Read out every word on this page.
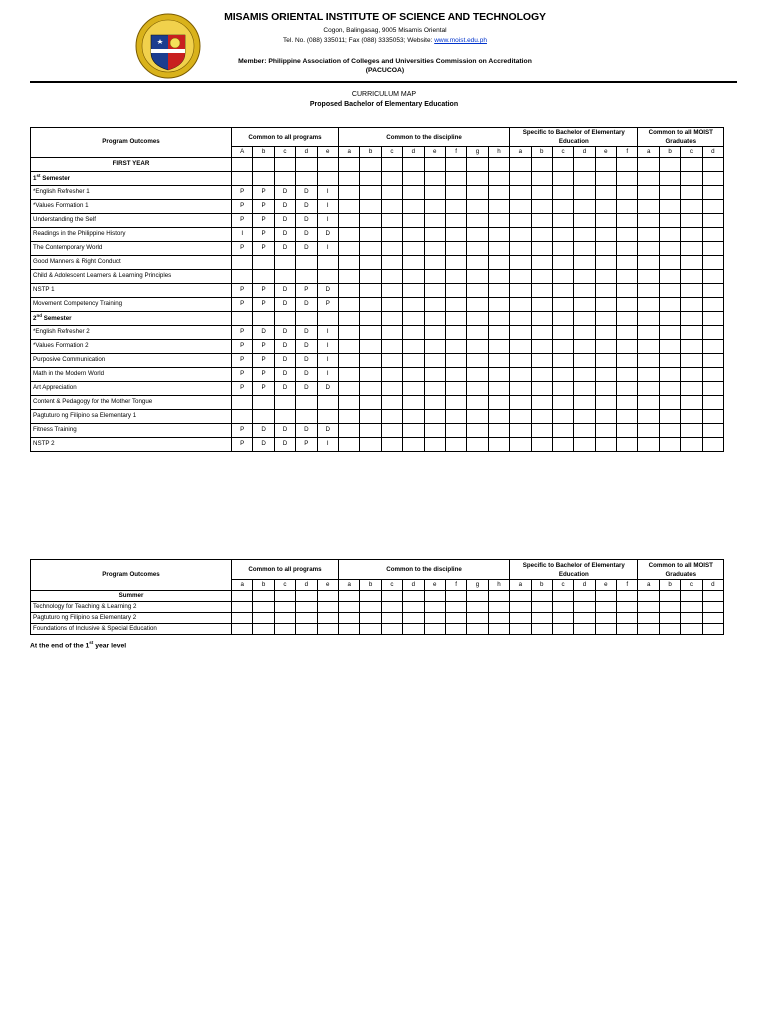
MISAMIS ORIENTAL INSTITUTE OF SCIENCE AND TECHNOLOGY
Cogon, Balingasag, 9005 Misamis Oriental
Tel. No. (088) 335011; Fax (088) 3335053; Website: www.moist.edu.ph
Member: Philippine Association of Colleges and Universities Commission on Accreditation
(PACUCOA)
CURRICULUM MAP
Proposed Bachelor of Elementary Education
Program Outcomes	Common to all programs					Common to the discipline								Specific to Bachelor of Elementary Education						Common to all MOIST Graduates			
	A	b	c	d	e	a	b	c	d	e	f	g	h	a	b	c	d	e	f	a	b	c	d
FIRST YEAR																							
1st Semester																							
*English Refresher 1	P	P	D	D	I																		
*Values Formation 1	P	P	D	D	I																		
Understanding the Self	P	P	D	D	I																		
Readings in the Philippine History	I	P	D	D	D																		
The Contemporary World	P	P	D	D	I																		
Good Manners & Right Conduct																							
Child & Adolescent Learners & Learning Principles																							
NSTP 1	P	P	D	P	D																		
Movement Competency Training	P	P	D	D	P																		
2nd Semester																							
*English Refresher 2	P	D	D	D	I																		
*Values Formation 2	P	P	D	D	I																		
Purposive Communication	P	P	D	D	I																		
Math in the Modern World	P	P	D	D	I																		
Art Appreciation	P	P	D	D	D																		
Content & Pedagogy for the Mother Tongue																							
Pagtuturo ng Filipino sa Elementary 1																							
Fitness Training	P	D	D	D	D																		
NSTP 2	P	D	D	P	I																		
Program Outcomes	Common to all programs					Common to the discipline								Specific to Bachelor of Elementary Education						Common to all MOIST Graduates			
	a	b	c	d	e	a	b	c	d	e	f	g	h	a	b	c	d	e	f	a	b	c	d
Summer																							
Technology for Teaching & Learning 2																							
Pagtuturo ng Filipino sa Elementary 2																							
Foundations of Inclusive & Special Education																							
At the end of the 1st year level
